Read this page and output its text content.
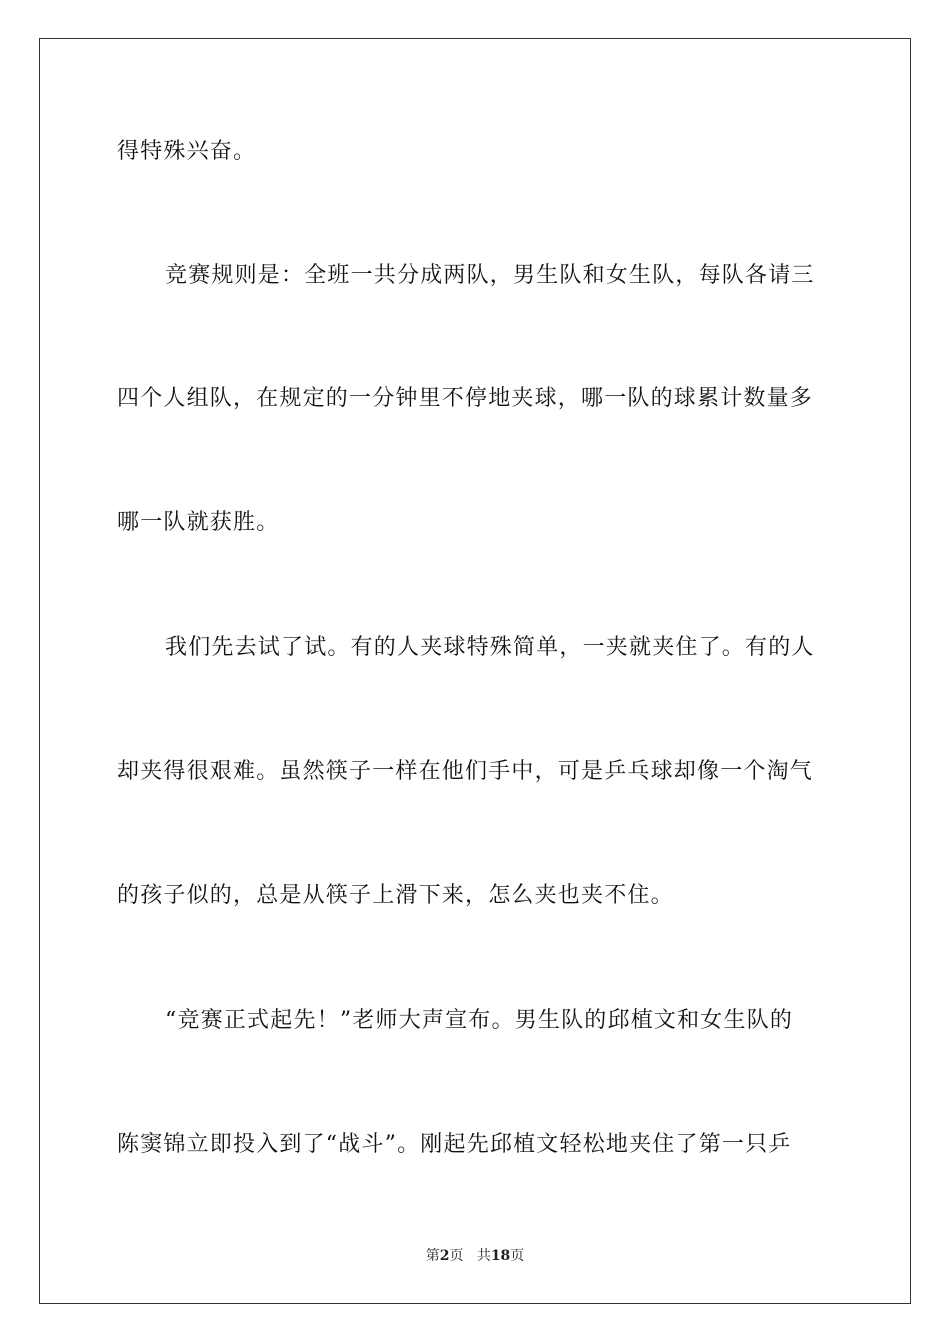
得特殊兴奋。
竞赛规则是：全班一共分成两队，男生队和女生队，每队各请三
四个人组队，在规定的一分钟里不停地夹球，哪一队的球累计数量多
哪一队就获胜。
我们先去试了试。有的人夹球特殊简单，一夹就夹住了。有的人
却夹得很艰难。虽然筷子一样在他们手中，可是乒乓球却像一个淘气
的孩子似的，总是从筷子上滑下来，怎么夹也夹不住。
“竞赛正式起先！”老师大声宣布。男生队的邱植文和女生队的
陈窦锦立即投入到了“战斗”。刚起先邱植文轻松地夹住了第一只乒
第2页 共18页
